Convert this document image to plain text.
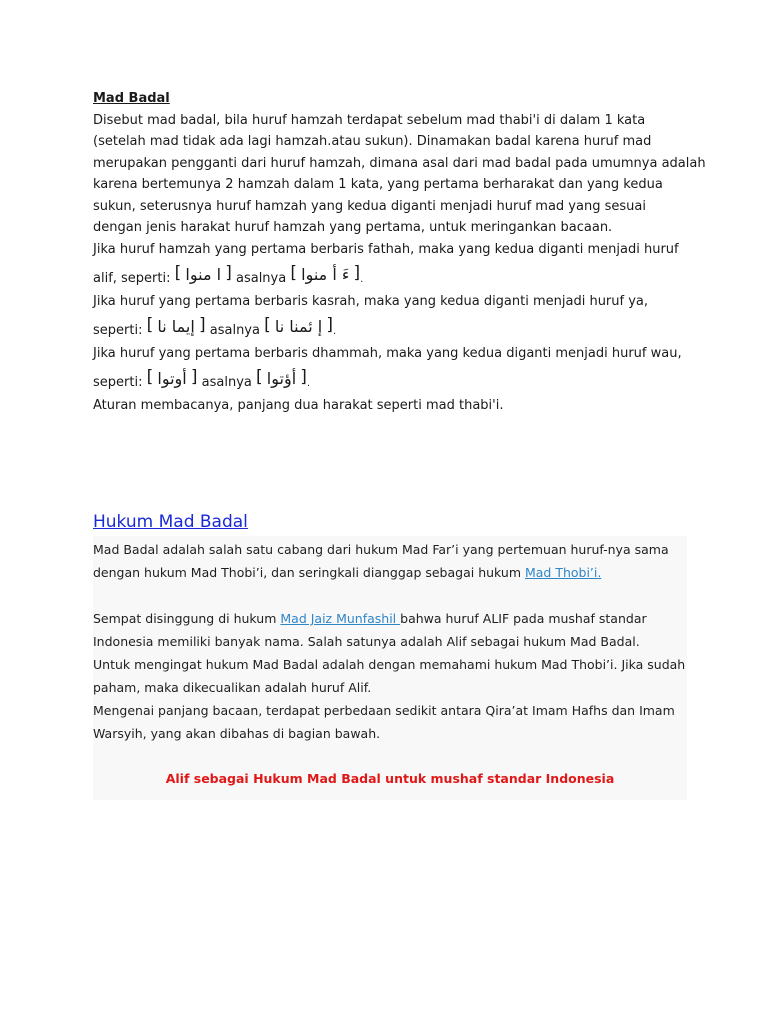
Mad Badal
Disebut mad badal, bila huruf hamzah terdapat sebelum mad thabi'i di dalam 1 kata
(setelah mad tidak ada lagi hamzah.atau sukun). Dinamakan badal karena huruf mad
merupakan pengganti dari huruf hamzah, dimana asal dari mad badal pada umumnya adalah
karena bertemunya 2 hamzah dalam 1 kata, yang pertama berharakat dan yang kedua
sukun, seterusnya huruf hamzah yang kedua diganti menjadi huruf mad yang sesuai
dengan jenis harakat huruf hamzah yang pertama, untuk meringankan bacaan.
Jika huruf hamzah yang pertama berbaris fathah, maka yang kedua diganti menjadi huruf
alif, seperti: [ ا منوا ] asalnya [ ءَ أ منوا ].
Jika huruf yang pertama berbaris kasrah, maka yang kedua diganti menjadi huruf ya,
seperti: [ إيما نا ] asalnya [ إ ئمنا نا ].
Jika huruf yang pertama berbaris dhammah, maka yang kedua diganti menjadi huruf wau,
seperti: [ أوتوا ] asalnya [ أؤتوا ].
Aturan membacanya, panjang dua harakat seperti mad thabi'i.
Hukum Mad Badal

Mad Badal adalah salah satu cabang dari hukum Mad Far’i yang pertemuan huruf-nya sama dengan hukum Mad Thobi’i, dan seringkali dianggap sebagai hukum Mad Thobi’i.

Sempat disinggung di hukum Mad Jaiz Munfashil bahwa huruf ALIF pada mushaf standar Indonesia memiliki banyak nama. Salah satunya adalah Alif sebagai hukum Mad Badal.

Untuk mengingat hukum Mad Badal adalah dengan memahami hukum Mad Thobi’i. Jika sudah paham, maka dikecualikan adalah huruf Alif.

Mengenai panjang bacaan, terdapat perbedaan sedikit antara Qira’at Imam Hafhs dan Imam Warsyih, yang akan dibahas di bagian bawah.

Alif sebagai Hukum Mad Badal untuk mushaf standar Indonesia
